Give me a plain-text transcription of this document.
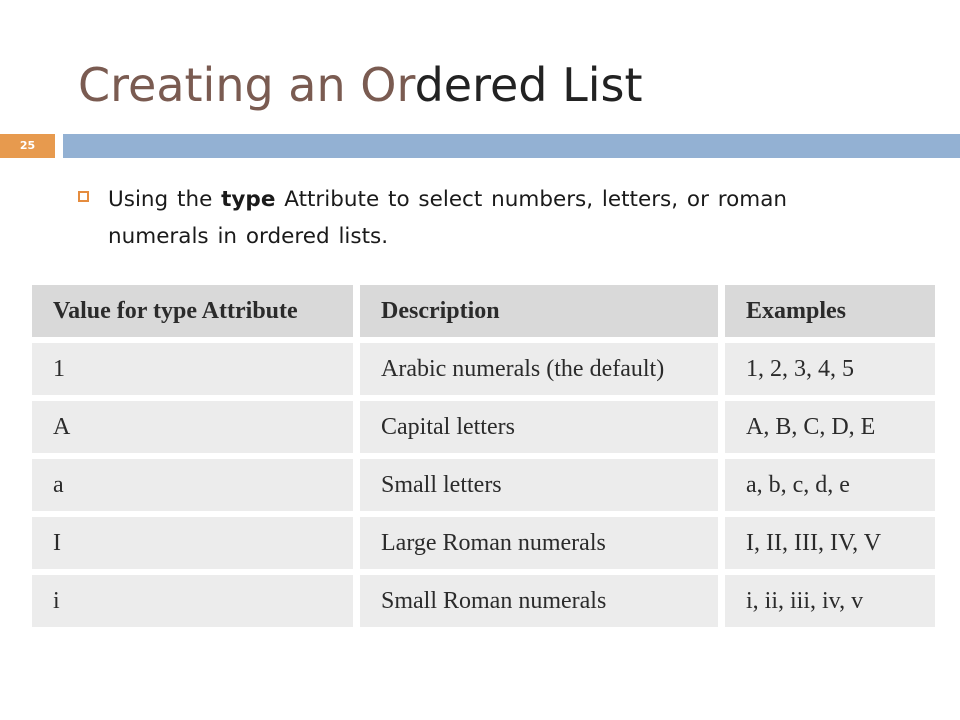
Creating an Ordered List
25

Using the type Attribute to select numbers, letters, or roman numerals in ordered lists.

Value for type Attribute	Description	Examples
1	Arabic numerals (the default)	1, 2, 3, 4, 5
A	Capital letters	A, B, C, D, E
a	Small letters	a, b, c, d, e
I	Large Roman numerals	I, II, III, IV, V
i	Small Roman numerals	i, ii, iii, iv, v
